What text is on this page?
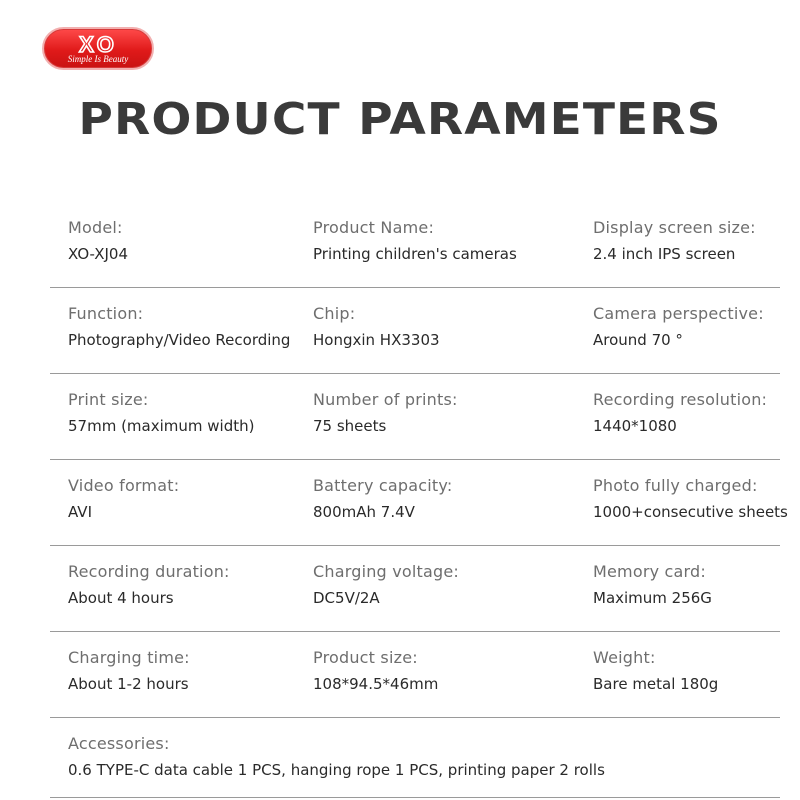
XO
Simple Is Beauty
PRODUCT PARAMETERS
Model:
XO-XJ04
Product Name:
Printing children's cameras
Display screen size:
2.4 inch IPS screen
Function:
Photography/Video Recording
Chip:
Hongxin HX3303
Camera perspective:
Around 70 °
Print size:
57mm (maximum width)
Number of prints:
75 sheets
Recording resolution:
1440*1080
Video format:
AVI
Battery capacity:
800mAh 7.4V
Photo fully charged:
1000+consecutive sheets
Recording duration:
About 4 hours
Charging voltage:
DC5V/2A
Memory card:
Maximum 256G
Charging time:
About 1-2 hours
Product size:
108*94.5*46mm
Weight:
Bare metal 180g
Accessories:
0.6 TYPE-C data cable 1 PCS, hanging rope 1 PCS, printing paper 2 rolls
